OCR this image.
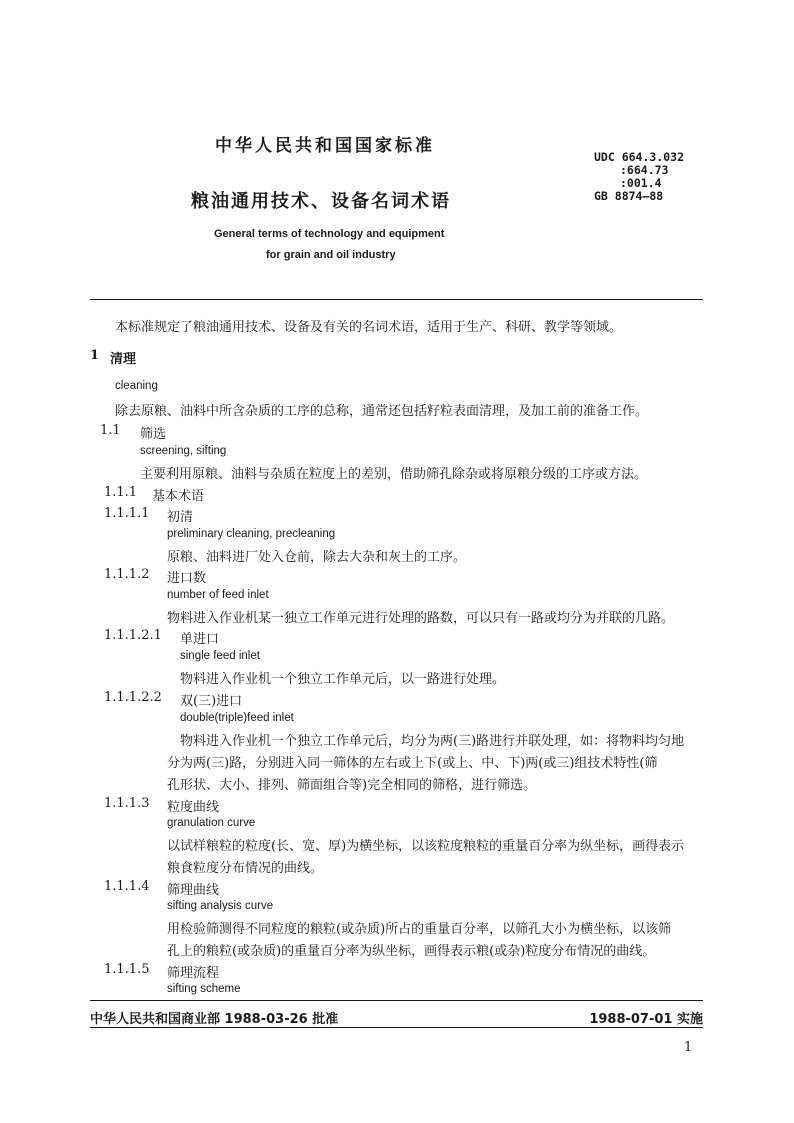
中华人民共和国国家标准
粮油通用技术、设备名词术语
General terms of technology and equipment
for grain and oil industry
UDC 664.3.032
:664.73
:001.4
GB 8874—88
本标准规定了粮油通用技术、设备及有关的名词术语，适用于生产、科研、教学等领域。
1 清理
cleaning
除去原粮、油料中所含杂质的工序的总称，通常还包括籽粒表面清理，及加工前的准备工作。
1.1 筛选
screening, sifting
主要利用原粮、油料与杂质在粒度上的差别，借助筛孔除杂或将原粮分级的工序或方法。
1.1.1 基本术语
1.1.1.1 初清
preliminary cleaning, precleaning
原粮、油料进厂处入仓前，除去大杂和灰土的工序。
1.1.1.2 进口数
number of feed inlet
物料进入作业机某一独立工作单元进行处理的路数，可以只有一路或均分为并联的几路。
1.1.1.2.1 单进口
single feed inlet
物料进入作业机一个独立工作单元后，以一路进行处理。
1.1.1.2.2 双(三)进口
double(triple)feed inlet
物料进入作业机一个独立工作单元后，均分为两(三)路进行并联处理，如：将物料均匀地
分为两(三)路，分别进入同一筛体的左右或上下(或上、中、下)两(或三)组技术特性(筛
孔形状、大小、排列、筛面组合等)完全相同的筛格，进行筛选。
1.1.1.3 粒度曲线
granulation curve
以试样粮粒的粒度(长、宽、厚)为横坐标，以该粒度粮粒的重量百分率为纵坐标，画得表示
粮食粒度分布情况的曲线。
1.1.1.4 筛理曲线
sifting analysis curve
用检验筛测得不同粒度的粮粒(或杂质)所占的重量百分率，以筛孔大小为横坐标，以该筛
孔上的粮粒(或杂质)的重量百分率为纵坐标，画得表示粮(或杂)粒度分布情况的曲线。
1.1.1.5 筛理流程
sifting scheme
中华人民共和国商业部 1988-03-26 批准	1988-07-01 实施
1
